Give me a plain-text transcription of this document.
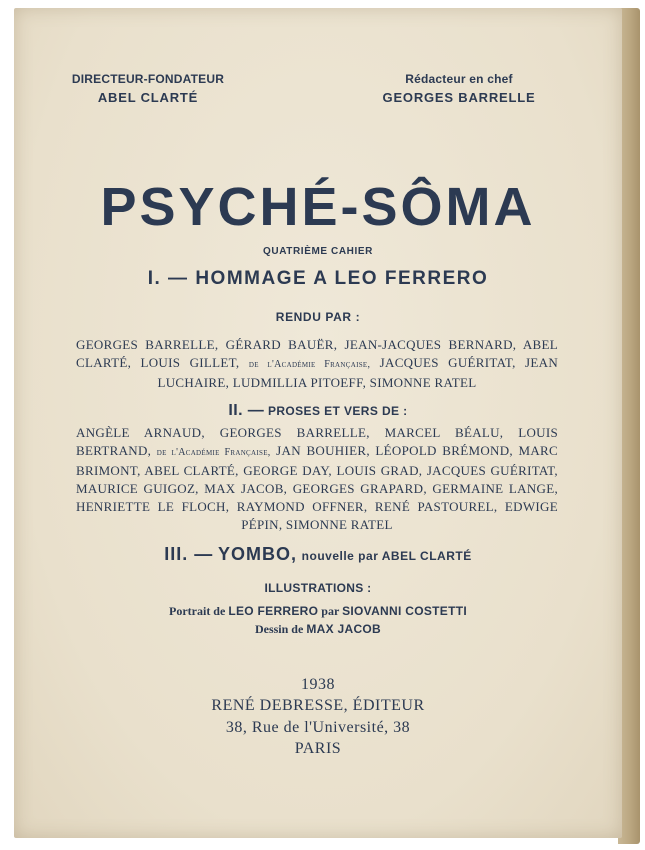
DIRECTEUR-FONDATEUR
ABEL CLARTÉ
Rédacteur en chef
GEORGES BARRELLE
PSYCHÉ-SÔMA
QUATRIÈME CAHIER
I. — HOMMAGE A LEO FERRERO
RENDU PAR :
GEORGES BARRELLE, GÉRARD BAUËR, JEAN-JACQUES BERNARD, ABEL CLARTÉ, LOUIS GILLET, de l'Académie Française, JACQUES GUÉRITAT, JEAN LUCHAIRE, LUDMILLIA PITOEFF, SIMONNE RATEL
II. — PROSES ET VERS DE :
ANGÈLE ARNAUD, GEORGES BARRELLE, MARCEL BÉALU, LOUIS BERTRAND, de l'Académie Française, JAN BOUHIER, LÉOPOLD BRÉMOND, MARC BRIMONT, ABEL CLARTÉ, GEORGE DAY, LOUIS GRAD, JACQUES GUÉRITAT, MAURICE GUIGOZ, MAX JACOB, GEORGES GRAPARD, GERMAINE LANGE, HENRIETTE LE FLOCH, RAYMOND OFFNER, RENÉ PASTOUREL, EDWIGE PÉPIN, SIMONNE RATEL
III. — YOMBO, nouvelle par ABEL CLARTÉ
ILLUSTRATIONS :
Portrait de LEO FERRERO par SIOVANNI COSTETTI
Dessin de MAX JACOB
1938
RENÉ DEBRESSE, ÉDITEUR
38, Rue de l'Université, 38
PARIS
